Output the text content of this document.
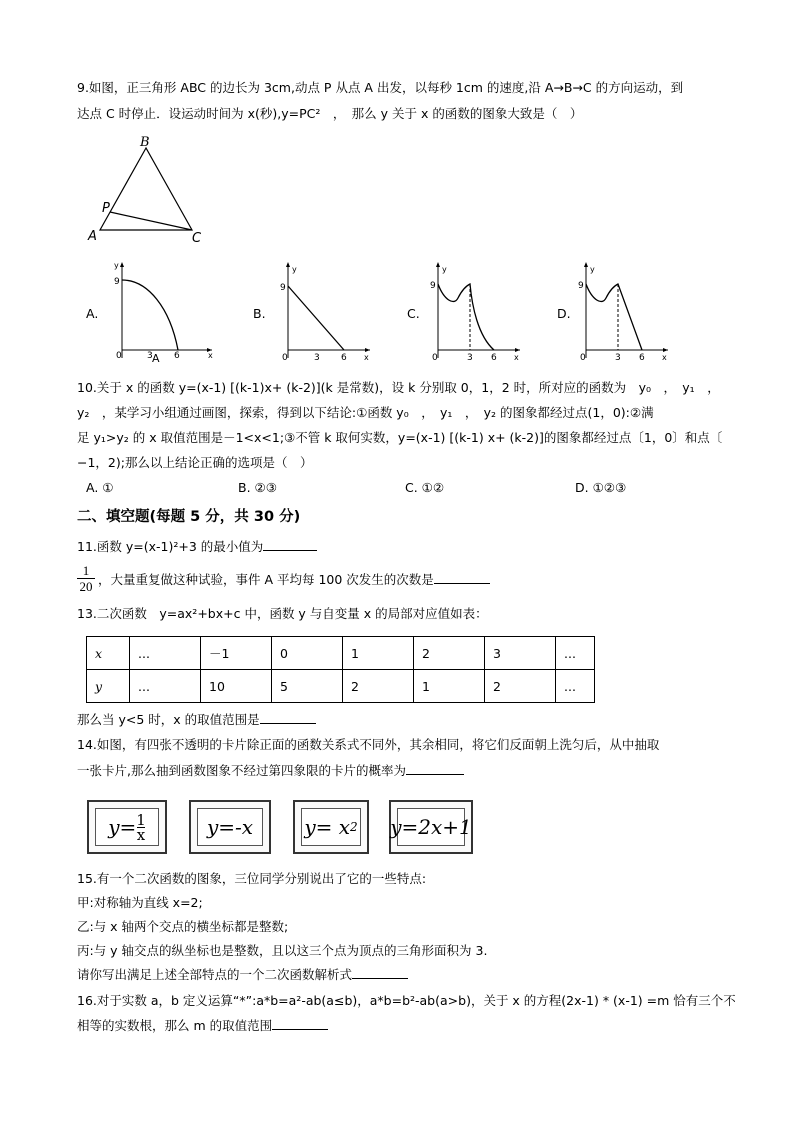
9.如图，正三角形 ABC 的边长为 3cm,动点 P 从点 A 出发，以每秒 1cm 的速度,沿 A→B→C 的方向运动，到
达点 C 时停止．设运动时间为 x(秒),y=PC²　，　那么 y 关于 x 的函数的图象大致是（　）
B
A	C
P
A.
y
x
9
0	3 A 6
B.
y
x
9
0	3 6
C.
y
x
9
0	3 6
D.
y
x
9
0	3 6
10.关于 x 的函数 y=(x-1) [(k-1)x+ (k-2)](k 是常数)，设 k 分别取 0，1，2 时，所对应的函数为　y₀　，　y₁　，
y₂　，某学习小组通过画图，探索，得到以下结论:①函数 y₀　，　y₁　，　y₂ 的图象都经过点(1，0):②满
足 y₁>y₂ 的 x 取值范围是－1<x<1;③不管 k 取何实数，y=(x-1) [(k-1) x+ (k-2)]的图象都经过点〔1，0〕和点〔
−1，2);那么以上结论正确的选项是（　）
A. ①	B. ②③	C. ①②	D. ①②③
二、填空题(每题 5 分，共 30 分)
11.函数 y=(x-1)²+3 的最小值为
$\frac{1}{20}$ ，大量重复做这种试验，事件 A 平均每 100 次发生的次数是
13.二次函数　y=ax²+bx+c 中，函数 y 与自变量 x 的局部对应值如表：
x	...	－1	0	1	2	3	...
y	...	10	5	2	1	2	...
那么当 y<5 时，x 的取值范围是
14.如图，有四张不透明的卡片除正面的函数关系式不同外，其余相同，将它们反面朝上洗匀后，从中抽取
一张卡片,那么抽到函数图象不经过第四象限的卡片的概率为
$y= \frac{1}{x}$	y=-x	y= x 2 y=2x+1
15.有一个二次函数的图象，三位同学分别说出了它的一些特点:
甲:对称轴为直线 x=2;
乙:与 x 轴两个交点的横坐标都是整数;
丙:与 y 轴交点的纵坐标也是整数，且以这三个点为顶点的三角形面积为 3.
请你写出满足上述全部特点的一个二次函数解析式
16.对于实数 a，b 定义运算“*”:a*b=a²-ab(a≤b)，a*b=b²-ab(a>b)，关于 x 的方程(2x-1) * (x-1) =m 恰有三个不
相等的实数根，那么 m 的取值范围
